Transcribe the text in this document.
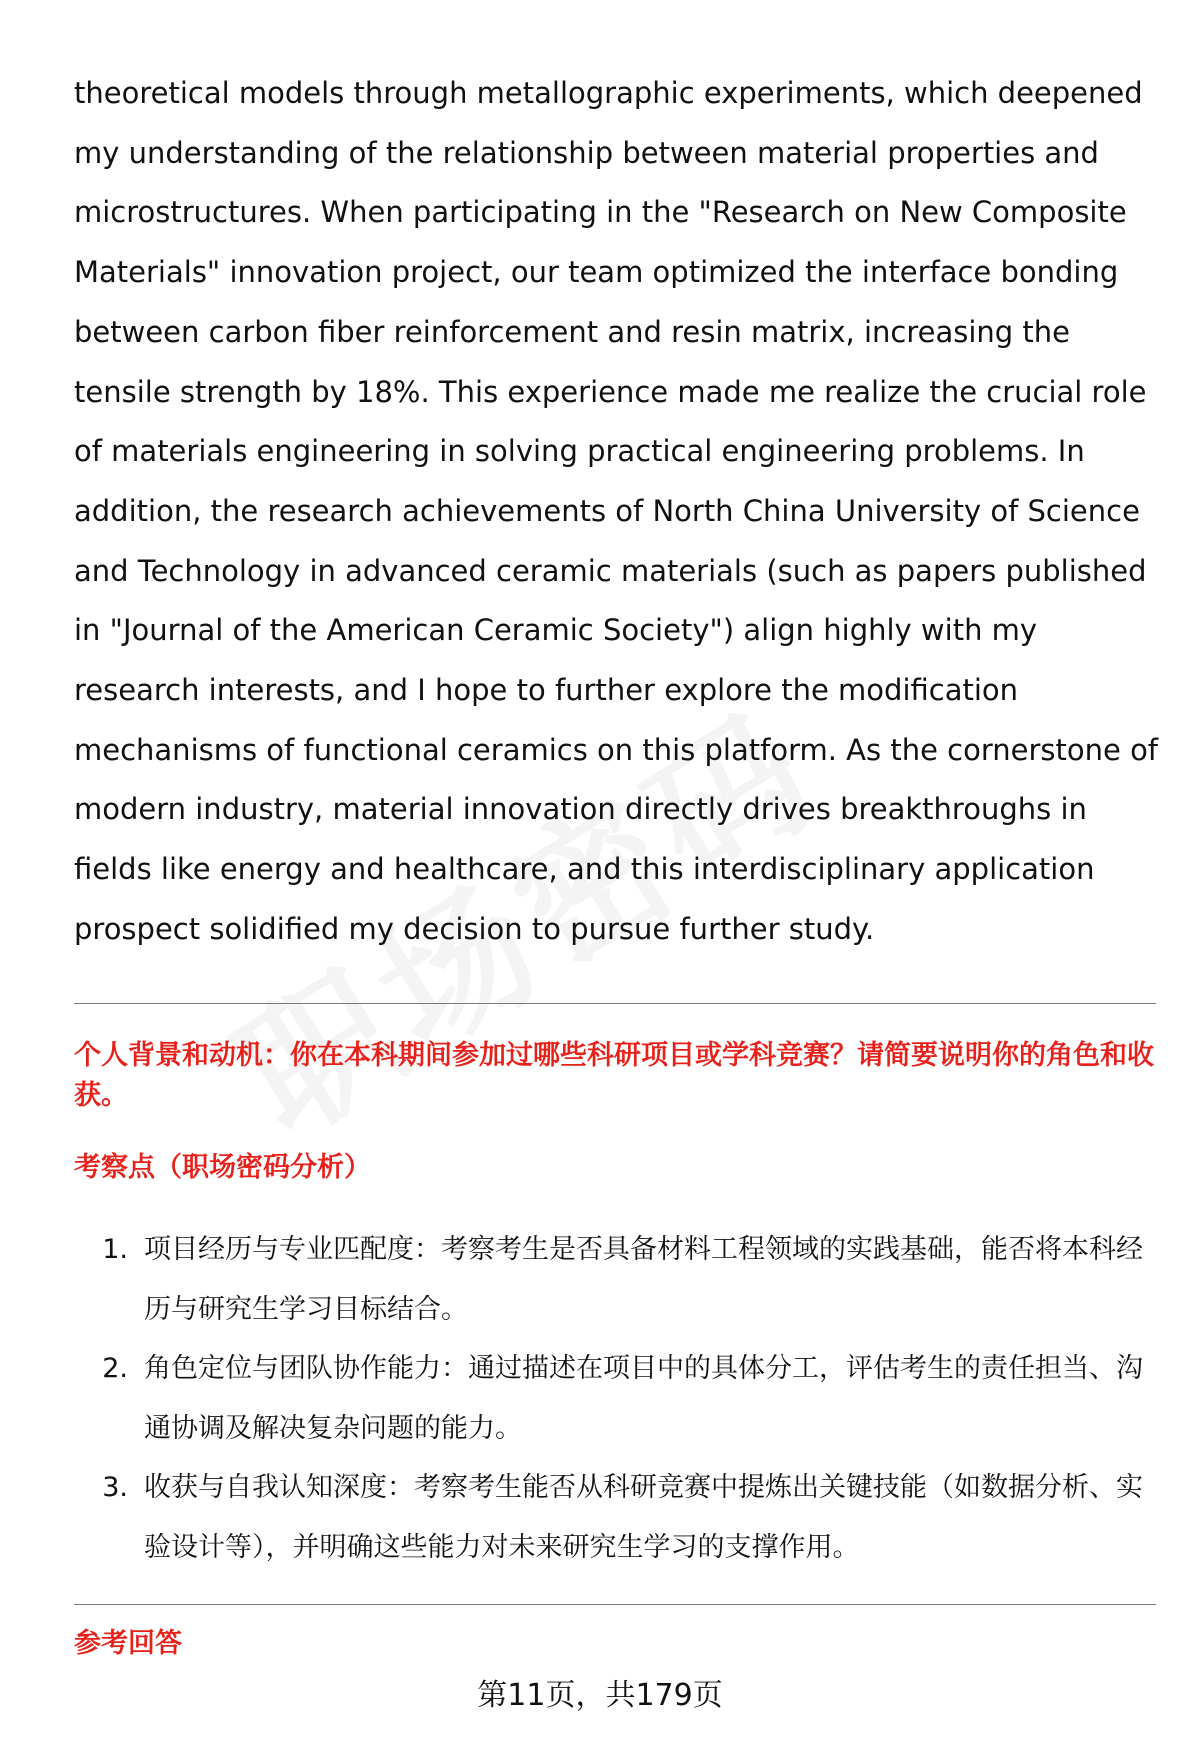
theoretical models through metallographic experiments, which deepened my understanding of the relationship between material properties and microstructures. When participating in the "Research on New Composite Materials" innovation project, our team optimized the interface bonding between carbon fiber reinforcement and resin matrix, increasing the tensile strength by 18%. This experience made me realize the crucial role of materials engineering in solving practical engineering problems. In addition, the research achievements of North China University of Science and Technology in advanced ceramic materials (such as papers published in "Journal of the American Ceramic Society") align highly with my research interests, and I hope to further explore the modification mechanisms of functional ceramics on this platform. As the cornerstone of modern industry, material innovation directly drives breakthroughs in fields like energy and healthcare, and this interdisciplinary application prospect solidified my decision to pursue further study.

个人背景和动机：你在本科期间参加过哪些科研项目或学科竞赛？请简要说明你的角色和收获。

考察点（职场密码分析）

1. 项目经历与专业匹配度：考察考生是否具备材料工程领域的实践基础，能否将本科经历与研究生学习目标结合。
2. 角色定位与团队协作能力：通过描述在项目中的具体分工，评估考生的责任担当、沟通协调及解决复杂问题的能力。
3. 收获与自我认知深度：考察考生能否从科研竞赛中提炼出关键技能（如数据分析、实验设计等），并明确这些能力对未来研究生学习的支撑作用。

参考回答

第11页，共179页
